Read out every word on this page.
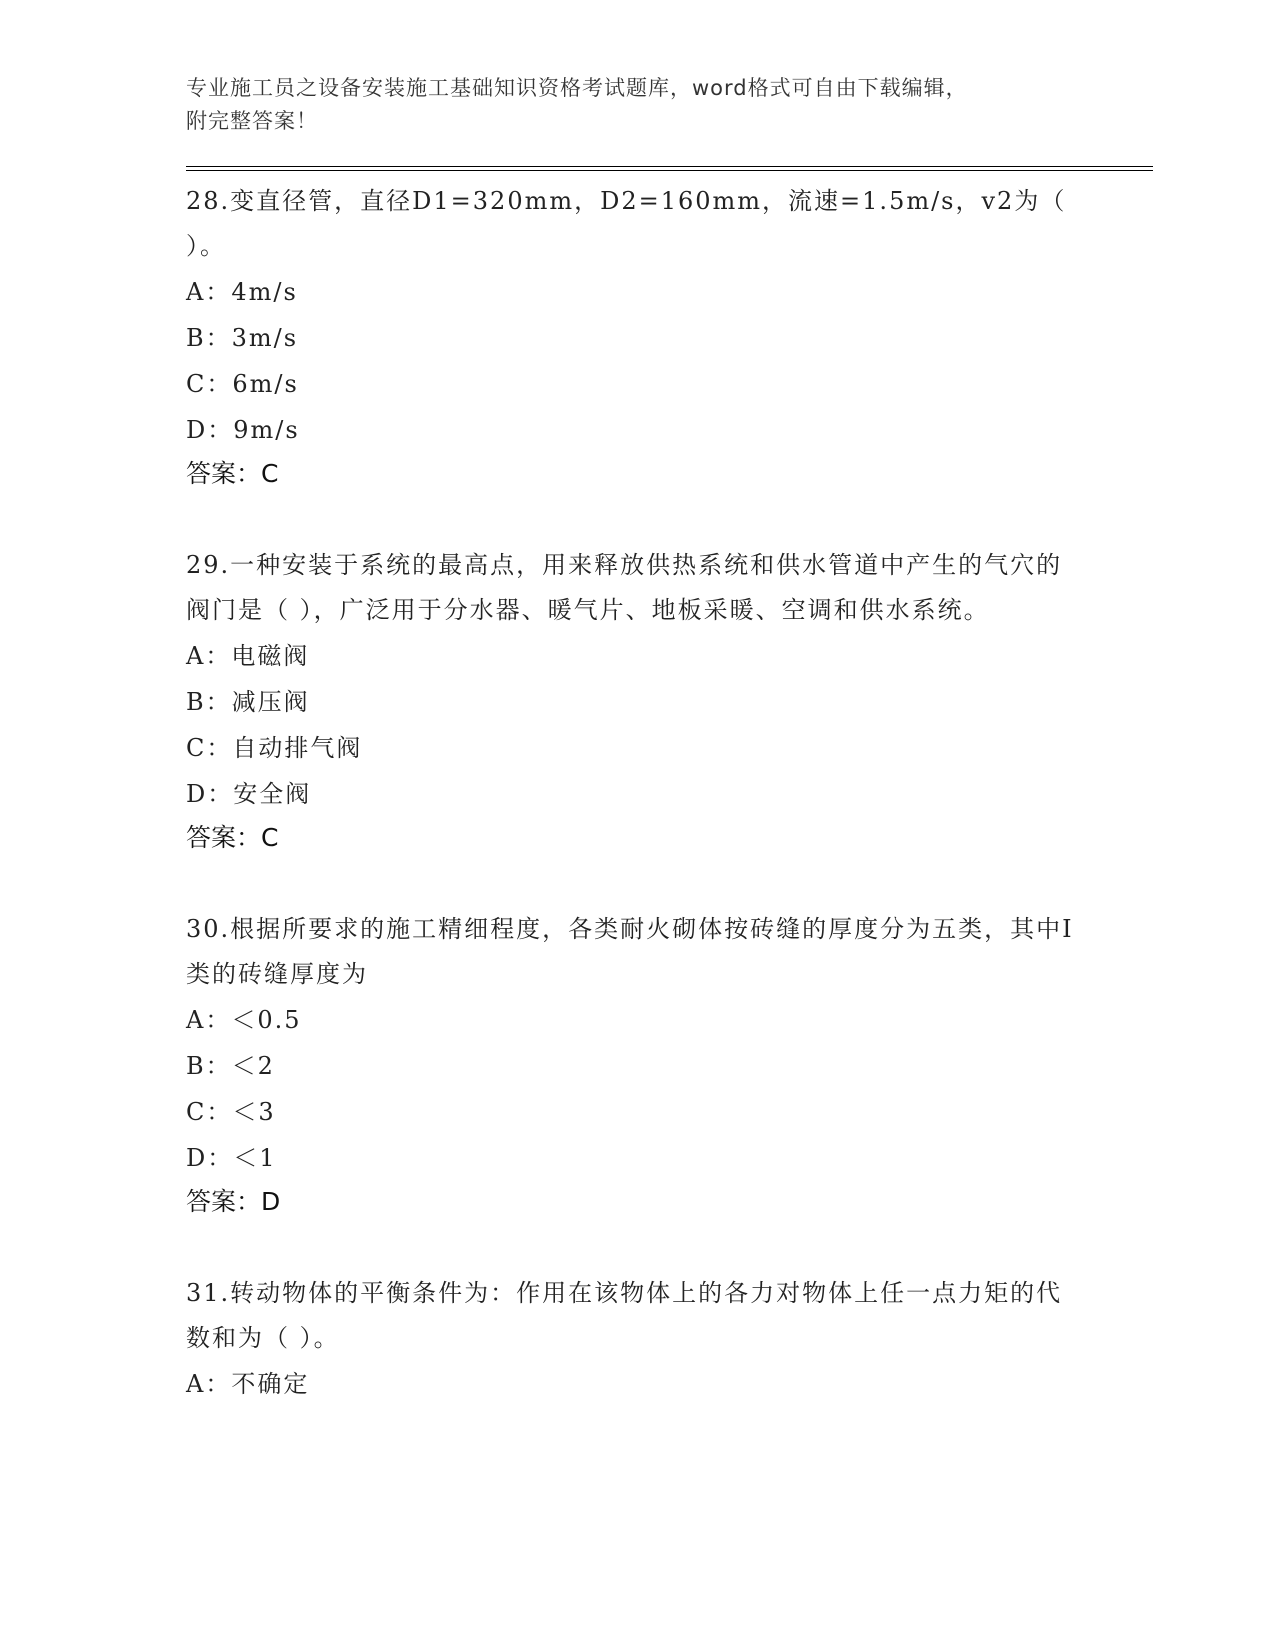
专业施工员之设备安装施工基础知识资格考试题库，word格式可自由下载编辑，
附完整答案！
28.变直径管，直径D1=320mm，D2=160mm，流速=1.5m/s，v2为（ ）。
A：4m/s
B：3m/s
C：6m/s
D：9m/s
答案：C
29.一种安装于系统的最高点，用来释放供热系统和供水管道中产生的气穴的阀门是（ ），广泛用于分水器、暖气片、地板采暖、空调和供水系统。
A：电磁阀
B：减压阀
C：自动排气阀
D：安全阀
答案：C
30.根据所要求的施工精细程度，各类耐火砌体按砖缝的厚度分为五类，其中I类的砖缝厚度为
A：＜0.5
B：＜2
C：＜3
D：＜1
答案：D
31.转动物体的平衡条件为：作用在该物体上的各力对物体上任一点力矩的代数和为（ ）。
A：不确定
